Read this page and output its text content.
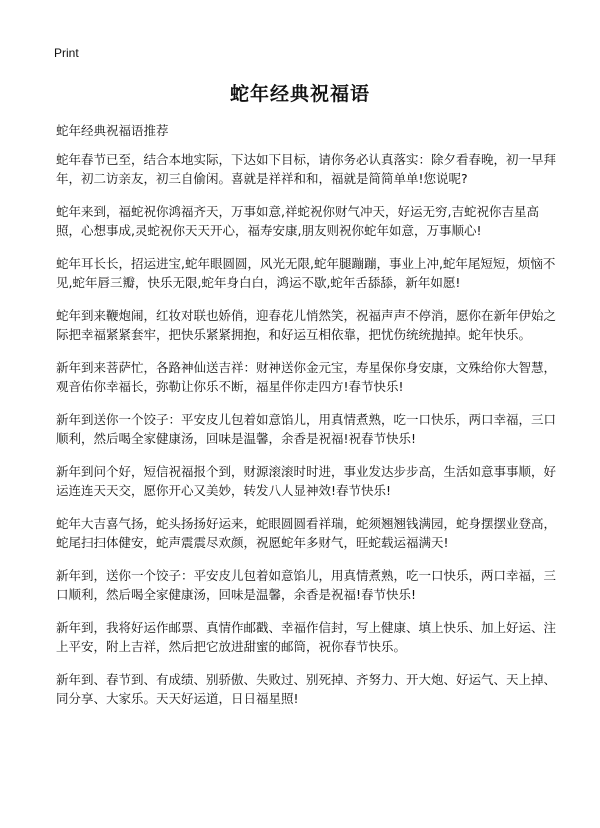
Print
蛇年经典祝福语
蛇年经典祝福语推荐

蛇年春节已至，结合本地实际，下达如下目标，请你务必认真落实：除夕看春晚，初一早拜年，初二访亲友，初三自偷闲。喜就是祥祥和和，福就是简简单单!您说呢?

蛇年来到，福蛇祝你鸿福齐天，万事如意,祥蛇祝你财气冲天，好运无穷,吉蛇祝你吉星高照，心想事成,灵蛇祝你天天开心，福寿安康,朋友则祝你蛇年如意，万事顺心!

蛇年耳长长，招运进宝,蛇年眼圆圆，风光无限,蛇年腿蹦蹦，事业上冲,蛇年尾短短，烦恼不见,蛇年唇三瓣，快乐无限,蛇年身白白，鸿运不歇,蛇年舌舔舔，新年如愿!

蛇年到来鞭炮闹，红妆对联也娇俏，迎春花儿悄然笑，祝福声声不停消，愿你在新年伊始之际把幸福紧紧套牢，把快乐紧紧拥抱，和好运互相依靠，把忧伤统统抛掉。蛇年快乐。

新年到来菩萨忙，各路神仙送吉祥：财神送你金元宝，寿星保你身安康，文殊给你大智慧，观音佑你幸福长，弥勒让你乐不断，福星伴你走四方!春节快乐!

新年到送你一个饺子：平安皮儿包着如意馅儿，用真情煮熟，吃一口快乐，两口幸福，三口顺利，然后喝全家健康汤，回味是温馨，余香是祝福!祝春节快乐!

新年到问个好，短信祝福报个到，财源滚滚时时进，事业发达步步高，生活如意事事顺，好运连连天天交，愿你开心又美妙，转发八人显神效!春节快乐!

蛇年大吉喜气扬，蛇头扬扬好运来，蛇眼圆圆看祥瑞，蛇须翘翘钱满园，蛇身摆摆业登高，蛇尾扫扫体健安，蛇声震震尽欢颜，祝愿蛇年多财气，旺蛇载运福满天!

新年到，送你一个饺子：平安皮儿包着如意馅儿，用真情煮熟，吃一口快乐，两口幸福，三口顺利，然后喝全家健康汤，回味是温馨，余香是祝福!春节快乐!

新年到，我将好运作邮票、真情作邮戳、幸福作信封，写上健康、填上快乐、加上好运、注上平安，附上吉祥，然后把它放进甜蜜的邮筒，祝你春节快乐。

新年到、春节到、有成绩、别骄傲、失败过、别死掉、齐努力、开大炮、好运气、天上掉、同分享、大家乐。天天好运道，日日福星照!
